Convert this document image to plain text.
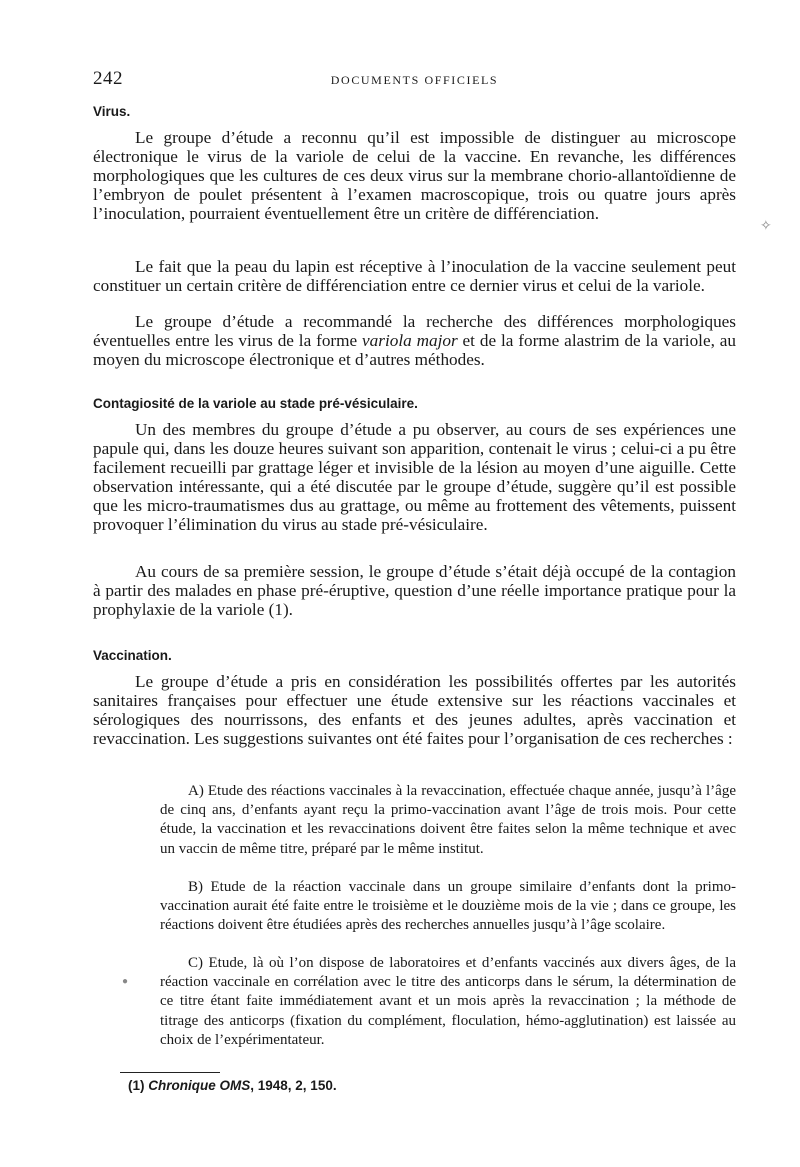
242	DOCUMENTS OFFICIELS

Virus.

Le groupe d’étude a reconnu qu’il est impossible de distinguer au microscope électronique le virus de la variole de celui de la vaccine. En revanche, les différences morphologiques que les cultures de ces deux virus sur la membrane chorio-allantoïdienne de l’embryon de poulet présentent à l’examen macroscopique, trois ou quatre jours après l’inoculation, pourraient éventuellement être un critère de différenciation.

Le fait que la peau du lapin est réceptive à l’inoculation de la vaccine seulement peut constituer un certain critère de différenciation entre ce dernier virus et celui de la variole.

Le groupe d’étude a recommandé la recherche des différences morphologiques éventuelles entre les virus de la forme variola major et de la forme alastrim de la variole, au moyen du microscope électronique et d’autres méthodes.

Contagiosité de la variole au stade pré-vésiculaire.

Un des membres du groupe d’étude a pu observer, au cours de ses expériences une papule qui, dans les douze heures suivant son apparition, contenait le virus ; celui-ci a pu être facilement recueilli par grattage léger et invisible de la lésion au moyen d’une aiguille. Cette observation intéressante, qui a été discutée par le groupe d’étude, suggère qu’il est possible que les micro-traumatismes dus au grattage, ou même au frottement des vêtements, puissent provoquer l’élimination du virus au stade pré-vésiculaire.

Au cours de sa première session, le groupe d’étude s’était déjà occupé de la contagion à partir des malades en phase pré-éruptive, question d’une réelle importance pratique pour la prophylaxie de la variole (1).

Vaccination.

Le groupe d’étude a pris en considération les possibilités offertes par les autorités sanitaires françaises pour effectuer une étude extensive sur les réactions vaccinales et sérologiques des nourrissons, des enfants et des jeunes adultes, après vaccination et revaccination. Les suggestions suivantes ont été faites pour l’organisation de ces recherches :

A) Etude des réactions vaccinales à la revaccination, effectuée chaque année, jusqu’à l’âge de cinq ans, d’enfants ayant reçu la primo-vaccination avant l’âge de trois mois. Pour cette étude, la vaccination et les revaccinations doivent être faites selon la même technique et avec un vaccin de même titre, préparé par le même institut.

B) Etude de la réaction vaccinale dans un groupe similaire d’enfants dont la primo-vaccination aurait été faite entre le troisième et le douzième mois de la vie ; dans ce groupe, les réactions doivent être étudiées après des recherches annuelles jusqu’à l’âge scolaire.

C) Etude, là où l’on dispose de laboratoires et d’enfants vaccinés aux divers âges, de la réaction vaccinale en corrélation avec le titre des anticorps dans le sérum, la détermination de ce titre étant faite immédiatement avant et un mois après la revaccination ; la méthode de titrage des anticorps (fixation du complément, floculation, hémo-agglutination) est laissée au choix de l’expérimentateur.

(1) Chronique OMS, 1948, 2, 150.
✧
●
